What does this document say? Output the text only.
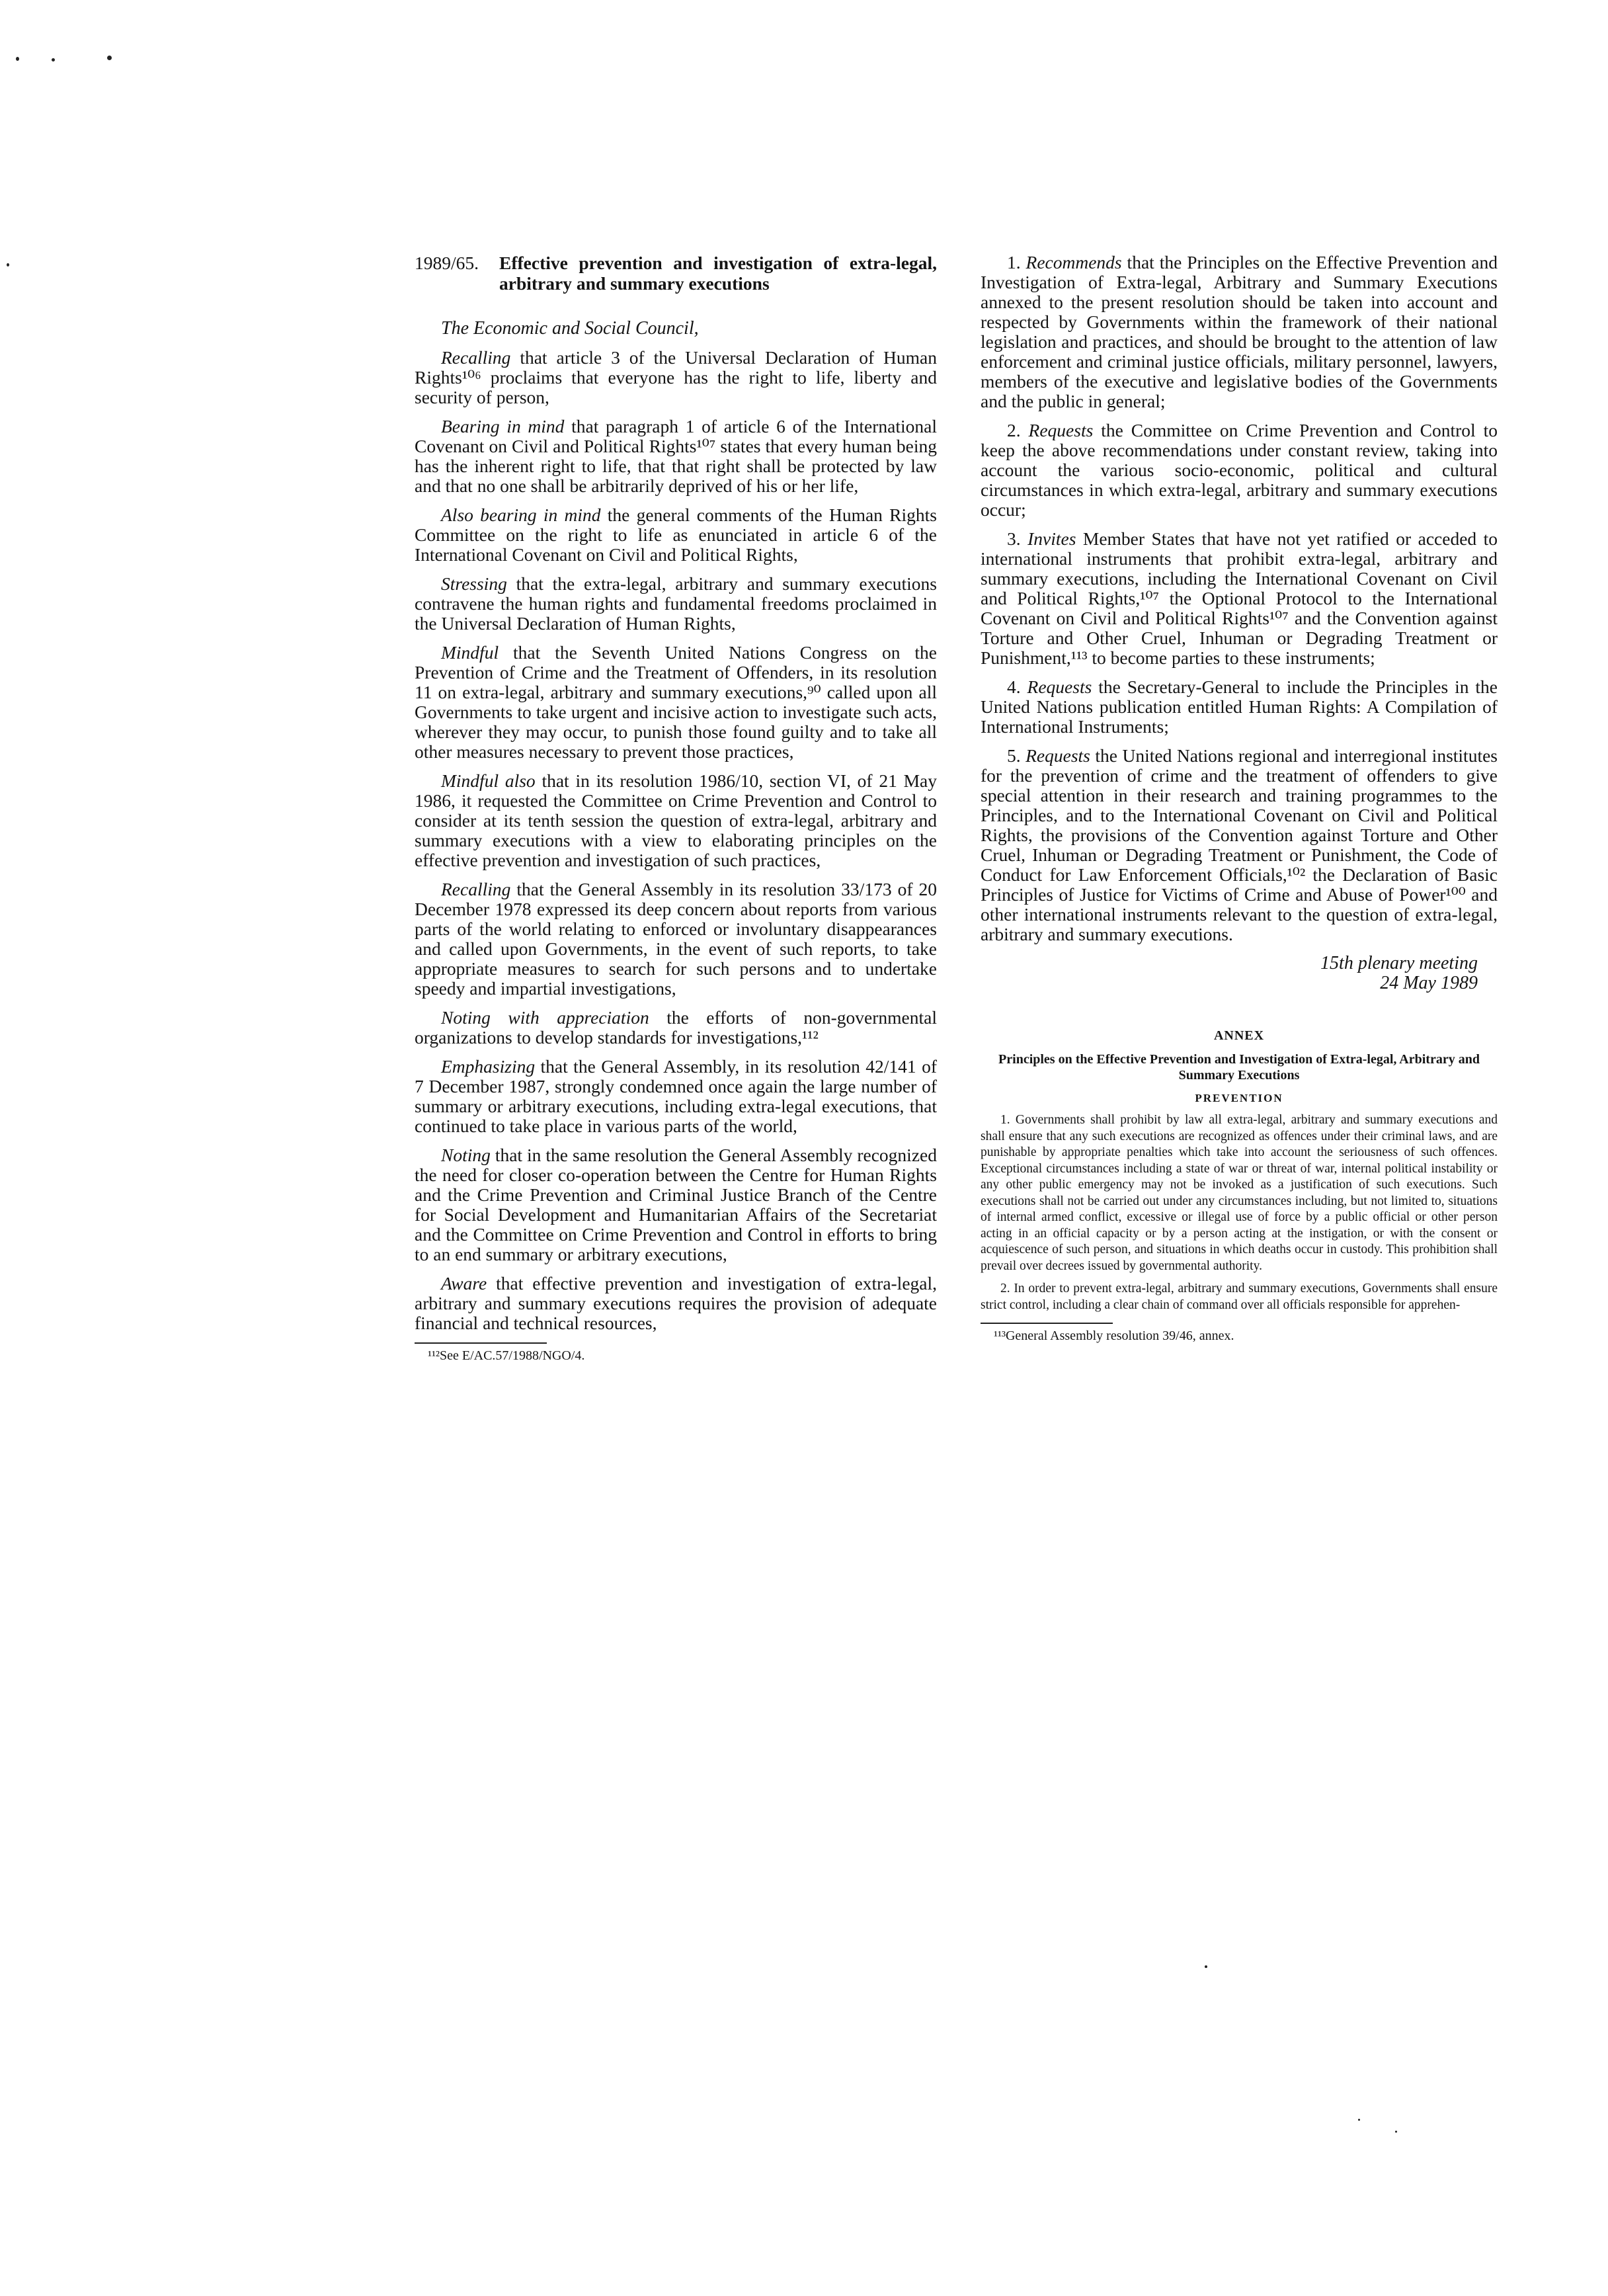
1989/65. Effective prevention and investigation of extra-legal, arbitrary and summary executions

The Economic and Social Council,

Recalling that article 3 of the Universal Declaration of Human Rights¹⁰⁶ proclaims that everyone has the right to life, liberty and security of person,

Bearing in mind that paragraph 1 of article 6 of the International Covenant on Civil and Political Rights¹⁰⁷ states that every human being has the inherent right to life, that that right shall be protected by law and that no one shall be arbitrarily deprived of his or her life,

Also bearing in mind the general comments of the Human Rights Committee on the right to life as enunciated in article 6 of the International Covenant on Civil and Political Rights,

Stressing that the extra-legal, arbitrary and summary executions contravene the human rights and fundamental freedoms proclaimed in the Universal Declaration of Human Rights,

Mindful that the Seventh United Nations Congress on the Prevention of Crime and the Treatment of Offenders, in its resolution 11 on extra-legal, arbitrary and summary executions,⁹⁰ called upon all Governments to take urgent and incisive action to investigate such acts, wherever they may occur, to punish those found guilty and to take all other measures necessary to prevent those practices,

Mindful also that in its resolution 1986/10, section VI, of 21 May 1986, it requested the Committee on Crime Prevention and Control to consider at its tenth session the question of extra-legal, arbitrary and summary executions with a view to elaborating principles on the effective prevention and investigation of such practices,

Recalling that the General Assembly in its resolution 33/173 of 20 December 1978 expressed its deep concern about reports from various parts of the world relating to enforced or involuntary disappearances and called upon Governments, in the event of such reports, to take appropriate measures to search for such persons and to undertake speedy and impartial investigations,

Noting with appreciation the efforts of non-governmental organizations to develop standards for investigations,¹¹²

Emphasizing that the General Assembly, in its resolution 42/141 of 7 December 1987, strongly condemned once again the large number of summary or arbitrary executions, including extra-legal executions, that continued to take place in various parts of the world,

Noting that in the same resolution the General Assembly recognized the need for closer co-operation between the Centre for Human Rights and the Crime Prevention and Criminal Justice Branch of the Centre for Social Development and Humanitarian Affairs of the Secretariat and the Committee on Crime Prevention and Control in efforts to bring to an end summary or arbitrary executions,

Aware that effective prevention and investigation of extra-legal, arbitrary and summary executions requires the provision of adequate financial and technical resources,

¹¹²See E/AC.57/1988/NGO/4.

1. Recommends that the Principles on the Effective Prevention and Investigation of Extra-legal, Arbitrary and Summary Executions annexed to the present resolution should be taken into account and respected by Governments within the framework of their national legislation and practices, and should be brought to the attention of law enforcement and criminal justice officials, military personnel, lawyers, members of the executive and legislative bodies of the Governments and the public in general;

2. Requests the Committee on Crime Prevention and Control to keep the above recommendations under constant review, taking into account the various socio-economic, political and cultural circumstances in which extra-legal, arbitrary and summary executions occur;

3. Invites Member States that have not yet ratified or acceded to international instruments that prohibit extra-legal, arbitrary and summary executions, including the International Covenant on Civil and Political Rights,¹⁰⁷ the Optional Protocol to the International Covenant on Civil and Political Rights¹⁰⁷ and the Convention against Torture and Other Cruel, Inhuman or Degrading Treatment or Punishment,¹¹³ to become parties to these instruments;

4. Requests the Secretary-General to include the Principles in the United Nations publication entitled Human Rights: A Compilation of International Instruments;

5. Requests the United Nations regional and interregional institutes for the prevention of crime and the treatment of offenders to give special attention in their research and training programmes to the Principles, and to the International Covenant on Civil and Political Rights, the provisions of the Convention against Torture and Other Cruel, Inhuman or Degrading Treatment or Punishment, the Code of Conduct for Law Enforcement Officials,¹⁰² the Declaration of Basic Principles of Justice for Victims of Crime and Abuse of Power¹⁰⁰ and other international instruments relevant to the question of extra-legal, arbitrary and summary executions.

15th plenary meeting

24 May 1989

ANNEX

Principles on the Effective Prevention and Investigation of Extra-legal, Arbitrary and Summary Executions

PREVENTION

1. Governments shall prohibit by law all extra-legal, arbitrary and summary executions and shall ensure that any such executions are recognized as offences under their criminal laws, and are punishable by appropriate penalties which take into account the seriousness of such offences. Exceptional circumstances including a state of war or threat of war, internal political instability or any other public emergency may not be invoked as a justification of such executions. Such executions shall not be carried out under any circumstances including, but not limited to, situations of internal armed conflict, excessive or illegal use of force by a public official or other person acting in an official capacity or by a person acting at the instigation, or with the consent or acquiescence of such person, and situations in which deaths occur in custody. This prohibition shall prevail over decrees issued by governmental authority.

2. In order to prevent extra-legal, arbitrary and summary executions, Governments shall ensure strict control, including a clear chain of command over all officials responsible for apprehen-

¹¹³General Assembly resolution 39/46, annex.
